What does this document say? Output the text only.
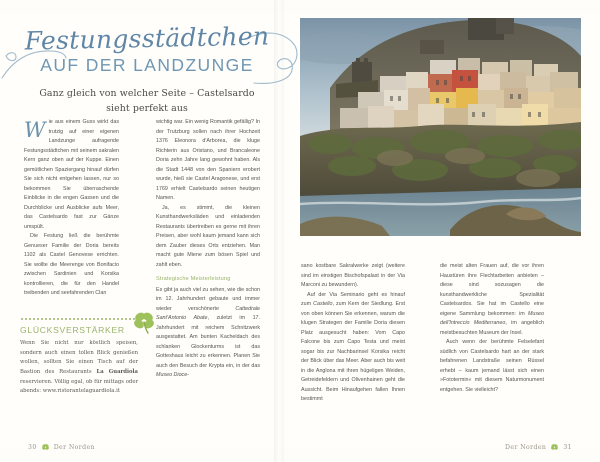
Festungsstädtchen
AUF DER LANDZUNGE
Ganz gleich von welcher Seite – Castelsardo sieht perfekt aus

Wie aus einem Guss wirkt das trutzig auf einer eigenen Landzunge aufragende Festungsstädtchen mit seinem sakralen Kern ganz oben auf der Kuppe. Einen gemütlichen Spaziergang hinauf dürfen Sie sich nicht entgehen lassen, nur so bekommen Sie überraschende Einblicke in die engen Gassen und die Durchblicke und Ausblicke aufs Meer, das Castelsardo fast zur Gänze umspült.

Die Festung ließ die berühmte Genueser Familie der Doria bereits 1102 als Castel Genovese errichten. Sie wollte die Meerenge von Bonifacio zwischen Sardinien und Korsika kontrollieren, die für den Handel treibenden und seefahrenden Clan

wichtig war. Ein wenig Romantik gefällig? In der Trutzburg sollen nach ihrer Hochzeit 1376 Eleonora d'Arborea, die kluge Richterin aus Oristano, und Brancaleone Doria zehn Jahre lang gewohnt haben. Als die Stadt 1448 von den Spaniern erobert wurde, hieß sie Castel Aragonese, und erst 1769 erhielt Castelsardo seinen heutigen Namen.

Ja, es stimmt, die kleinen Kunsthandwerksläden und einladenden Restaurants übertreiben es gerne mit ihren Preisen, aber wohl kaum jemand kann sich dem Zauber dieses Orts entziehen. Man macht gute Miene zum bösen Spiel und zahlt eben.

Strategische Meisterleistung

Es gibt ja auch viel zu sehen, wie die schon im 12. Jahrhundert gebaute und immer wieder verschönerte Cattedrale Sant'Antonio Abate, zuletzt im 17. Jahrhundert mit reichem Schnitzwerk ausgestattet. Am bunten Kacheldach des schlanken Glockenturms ist das Gotteshaus leicht zu erkennen. Planen Sie auch den Besuch der Krypta ein, in der das Museo Dioce-

sano kostbare Sakralwerke zeigt (weitere sind im einstigen Bischofspalast in der Via Marconi zu bewundern).

Auf der Via Seminario geht es hinauf zum Castello, zum Kern der Siedlung. Erst von oben können Sie erkennen, warum die klugen Strategen der Familie Doria diesen Platz ausgesucht haben: Vom Capo Falcone bis zum Capo Testa und meist sogar bis zur Nachbarinsel Korsika reicht der Blick über das Meer. Aber auch bis weit in die Anglona mit ihren hügeligen Weiden, Getreidefeldern und Olivenhainen geht die Aussicht. Beim Hinaufgehen fallen Ihnen bestimmt

die meist alten Frauen auf, die vor ihren Haustüren ihre Flechtarbeiten anbieten – diese sind sozusagen die kunsthandwerkliche Spezialität Castelsardos. Sie hat im Castello eine eigene Sammlung bekommen: im Museo dell'Intreccio Mediterraneo, im angeblich meistbesuchten Museum der Insel.

Auch wenn der berühmte Felselefant südlich von Castelsardo hart an der stark befahrenen Landstraße seinen Rüssel erhebt – kaum jemand lässt sich einen »Fototermin« mit diesem Naturmonument entgehen. Sie vielleicht?

GLÜCKSVERSTÄRKER
Wenn Sie nicht nur köstlich speisen, sondern auch einen tollen Blick genießen wollen, sollten Sie einen Tisch auf der Bastion des Restaurants La Guardiola reservieren. Völlig egal, ob für mittags oder abends: www.ristorantelaguardiola.it
30	Der Norden	Der Norden	31
